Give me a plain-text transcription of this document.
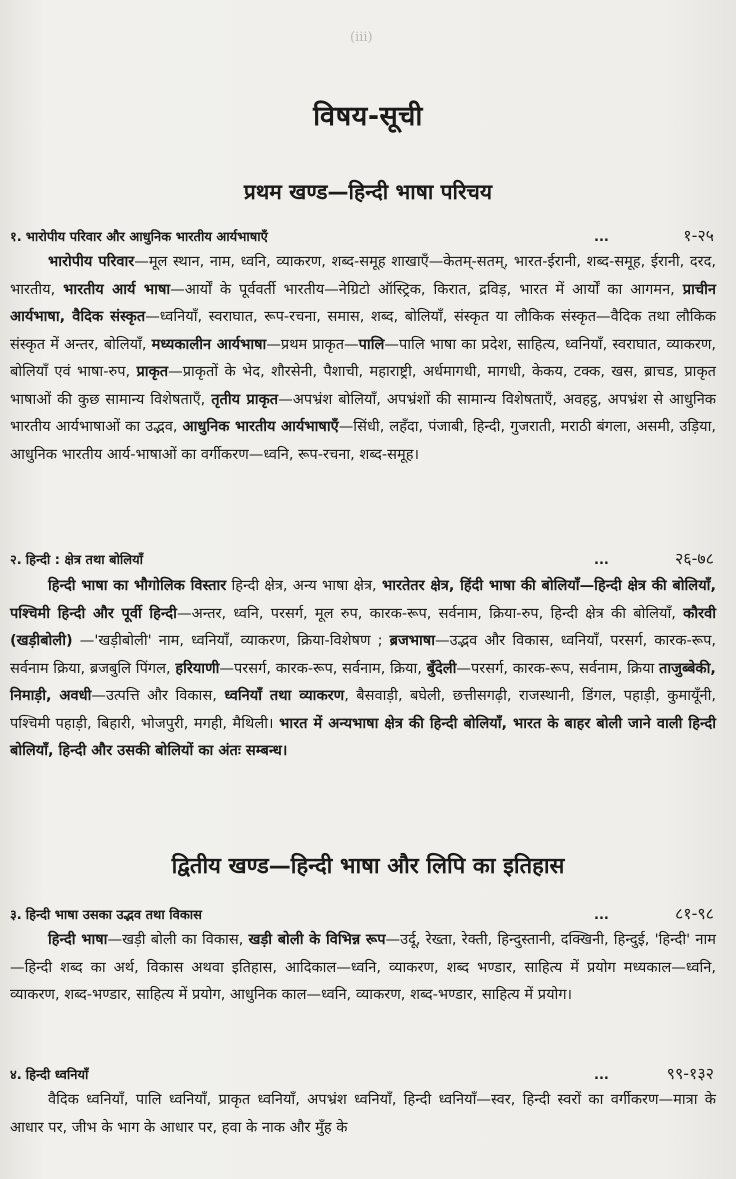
(iii)
विषय-सूची
प्रथम खण्ड—हिन्दी भाषा परिचय
१. भारोपीय परिवार और आधुनिक भारतीय आर्यभाषाएँ	...	१-२५
भारोपीय परिवार—मूल स्थान, नाम, ध्वनि, व्याकरण, शब्द-समूह शाखाएँ—केतम्-सतम्, भारत-ईरानी, शब्द-समूह, ईरानी, दरद, भारतीय, भारतीय आर्य भाषा—आर्यों के पूर्ववर्ती भारतीय—नेग्रिटो ऑस्ट्रिक, किरात, द्रविड़, भारत में आर्यों का आगमन, प्राचीन आर्यभाषा, वैदिक संस्कृत—ध्वनियाँ, स्वराघात, रूप-रचना, समास, शब्द, बोलियाँ, संस्कृत या लौकिक संस्कृत—वैदिक तथा लौकिक संस्कृत में अन्तर, बोलियाँ, मध्यकालीन आर्यभाषा—प्रथम प्राकृत—पालि—पालि भाषा का प्रदेश, साहित्य, ध्वनियाँ, स्वराघात, व्याकरण, बोलियाँ एवं भाषा-रुप, प्राकृत—प्राकृतों के भेद, शौरसेनी, पैशाची, महाराष्ट्री, अर्धमागधी, मागधी, केकय, टक्क, खस, ब्राचड, प्राकृत भाषाओं की कुछ सामान्य विशेषताएँ, तृतीय प्राकृत—अपभ्रंश बोलियाँ, अपभ्रंशों की सामान्य विशेषताएँ, अवहट्ठ, अपभ्रंश से आधुनिक भारतीय आर्यभाषाओं का उद्भव, आधुनिक भारतीय आर्यभाषाएँ—सिंधी, लहँदा, पंजाबी, हिन्दी, गुजराती, मराठी बंगला, असमी, उड़िया, आधुनिक भारतीय आर्य-भाषाओं का वर्गीकरण—ध्वनि, रूप-रचना, शब्द-समूह।
२. हिन्दी : क्षेत्र तथा बोलियाँ	...	२६-७८
हिन्दी भाषा का भौगोलिक विस्तार हिन्दी क्षेत्र, अन्य भाषा क्षेत्र, भारतेतर क्षेत्र, हिंदी भाषा की बोलियाँ—हिन्दी क्षेत्र की बोलियाँ, पश्चिमी हिन्दी और पूर्वी हिन्दी—अन्तर, ध्वनि, परसर्ग, मूल रुप, कारक-रूप, सर्वनाम, क्रिया-रुप, हिन्दी क्षेत्र की बोलियाँ, कौरवी (खड़ीबोली) —'खड़ीबोली' नाम, ध्वनियाँ, व्याकरण, क्रिया-विशेषण ; ब्रजभाषा—उद्भव और विकास, ध्वनियाँ, परसर्ग, कारक-रूप, सर्वनाम क्रिया, ब्रजबुलि पिंगल, हरियाणी—परसर्ग, कारक-रूप, सर्वनाम, क्रिया, बुँदेली—परसर्ग, कारक-रूप, सर्वनाम, क्रिया ताजुब्बेकी, निमाड़ी, अवधी—उत्पत्ति और विकास, ध्वनियाँ तथा व्याकरण, बैसवाड़ी, बघेली, छत्तीसगढ़ी, राजस्थानी, डिंगल, पहाड़ी, कुमायूँनी, पश्चिमी पहाड़ी, बिहारी, भोजपुरी, मगही, मैथिली। भारत में अन्यभाषा क्षेत्र की हिन्दी बोलियाँ, भारत के बाहर बोली जाने वाली हिन्दी बोलियाँ, हिन्दी और उसकी बोलियों का अंतः सम्बन्ध।
द्वितीय खण्ड—हिन्दी भाषा और लिपि का इतिहास
३. हिन्दी भाषा उसका उद्भव तथा विकास	...	८१-९८
हिन्दी भाषा—खड़ी बोली का विकास, खड़ी बोली के विभिन्न रूप—उर्दू, रेख्ता, रेक्ती, हिन्दुस्तानी, दक्खिनी, हिन्दुई, 'हिन्दी' नाम—हिन्दी शब्द का अर्थ, विकास अथवा इतिहास, आदिकाल—ध्वनि, व्याकरण, शब्द भण्डार, साहित्य में प्रयोग मध्यकाल—ध्वनि, व्याकरण, शब्द-भण्डार, साहित्य में प्रयोग, आधुनिक काल—ध्वनि, व्याकरण, शब्द-भण्डार, साहित्य में प्रयोग।
४. हिन्दी ध्वनियाँ	...	९९-१३२
वैदिक ध्वनियाँ, पालि ध्वनियाँ, प्राकृत ध्वनियाँ, अपभ्रंश ध्वनियाँ, हिन्दी ध्वनियाँ—स्वर, हिन्दी स्वरों का वर्गीकरण—मात्रा के आधार पर, जीभ के भाग के आधार पर, हवा के नाक और मुँह के
